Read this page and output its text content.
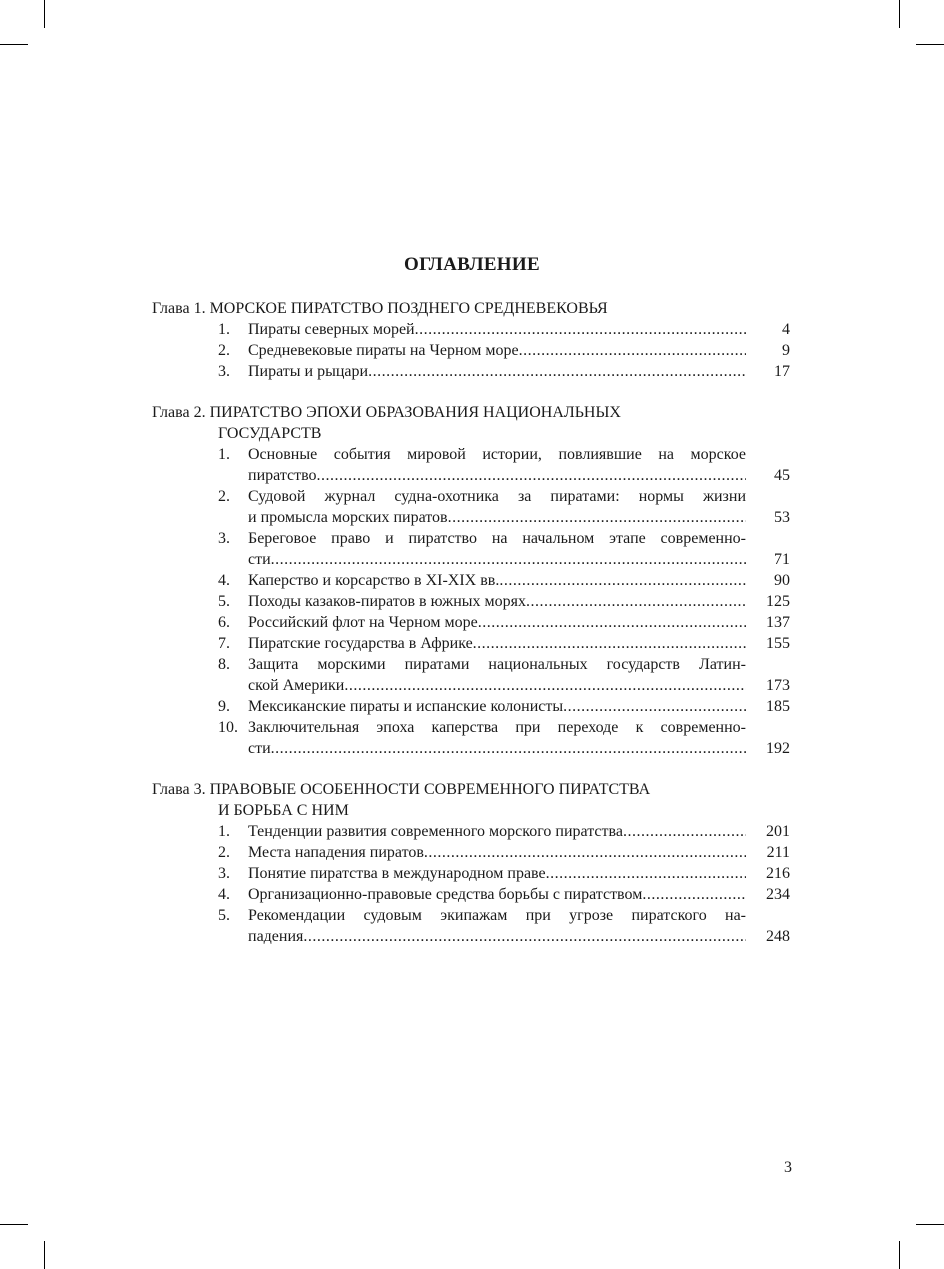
ОГЛАВЛЕНИЕ
Глава 1. МОРСКОЕ ПИРАТСТВО ПОЗДНЕГО СРЕДНЕВЕКОВЬЯ
1.	Пираты северных морей .....	4
2.	Средневековые пираты на Черном море .....	9
3.	Пираты и рыцари .....	17
Глава 2. ПИРАТСТВО ЭПОХИ ОБРАЗОВАНИЯ НАЦИОНАЛЬНЫХ
ГОСУДАРСТВ
1.	Основные события мировой истории, повлиявшие на морское
пиратство .....	45
2.	Судовой журнал судна-охотника за пиратами: нормы жизни
и промысла морских пиратов .....	53
3.	Береговое право и пиратство на начальном этапе современно-
сти .....	71
4.	Каперство и корсарство в XI-XIX вв. .....	90
5.	Походы казаков-пиратов в южных морях .....	125
6.	Российский флот на Черном море .....	137
7.	Пиратские государства в Африке .....	155
8.	Защита морскими пиратами национальных государств Латин-
ской Америки .....	173
9.	Мексиканские пираты и испанские колонисты .....	185
10. Заключительная эпоха каперства при переходе к современно-
сти .....	192
Глава 3. ПРАВОВЫЕ ОСОБЕННОСТИ СОВРЕМЕННОГО ПИРАТСТВА
И БОРЬБА С НИМ
1.	Тенденции развития современного морского пиратства .....	201
2.	Места нападения пиратов .....	211
3.	Понятие пиратства в международном праве .....	216
4.	Организационно-правовые средства борьбы с пиратством .....	234
5.	Рекомендации судовым экипажам при угрозе пиратского на-
падения .....	248
3
